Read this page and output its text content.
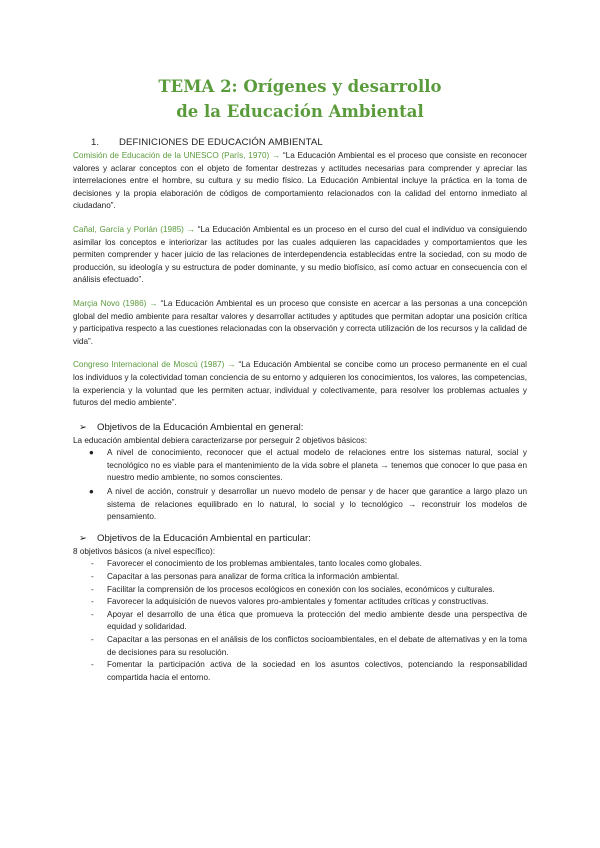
TEMA 2: Orígenes y desarrollo
de la Educación Ambiental
1. DEFINICIONES DE EDUCACIÓN AMBIENTAL

Comisión de Educación de la UNESCO (París, 1970) → “La Educación Ambiental es el proceso que consiste en reconocer valores y aclarar conceptos con el objeto de fomentar destrezas y actitudes necesarias para comprender y apreciar las interrelaciones entre el hombre, su cultura y su medio físico. La Educación Ambiental incluye la práctica en la toma de decisiones y la propia elaboración de códigos de comportamiento relacionados con la calidad del entorno inmediato al ciudadano”.

Cañal, García y Porlán (1985) → “La Educación Ambiental es un proceso en el curso del cual el individuo va consiguiendo asimilar los conceptos e interiorizar las actitudes por las cuales adquieren las capacidades y comportamientos que les permiten comprender y hacer juicio de las relaciones de interdependencia establecidas entre la sociedad, con su modo de producción, su ideología y su estructura de poder dominante, y su medio biofísico, así como actuar en consecuencia con el análisis efectuado”.

Marçia Novo (1986) → “La Educación Ambiental es un proceso que consiste en acercar a las personas a una concepción global del medio ambiente para resaltar valores y desarrollar actitudes y aptitudes que permitan adoptar una posición crítica y participativa respecto a las cuestiones relacionadas con la observación y correcta utilización de los recursos y la calidad de vida”.

Congreso Internacional de Moscú (1987) → “La Educación Ambiental se concibe como un proceso permanente en el cual los individuos y la colectividad toman conciencia de su entorno y adquieren los conocimientos, los valores, las competencias, la experiencia y la voluntad que les permiten actuar, individual y colectivamente, para resolver los problemas actuales y futuros del medio ambiente”.

➢ Objetivos de la Educación Ambiental en general:

La educación ambiental debiera caracterizarse por perseguir 2 objetivos básicos:

● A nivel de conocimiento, reconocer que el actual modelo de relaciones entre los sistemas natural, social y tecnológico no es viable para el mantenimiento de la vida sobre el planeta → tenemos que conocer lo que pasa en nuestro medio ambiente, no somos conscientes.
● A nivel de acción, construir y desarrollar un nuevo modelo de pensar y de hacer que garantice a largo plazo un sistema de relaciones equilibrado en lo natural, lo social y lo tecnológico → reconstruir los modelos de pensamiento.
➢ Objetivos de la Educación Ambiental en particular:

8 objetivos básicos (a nivel específico):

- Favorecer el conocimiento de los problemas ambientales, tanto locales como globales.
- Capacitar a las personas para analizar de forma crítica la información ambiental.
- Facilitar la comprensión de los procesos ecológicos en conexión con los sociales, económicos y culturales.
- Favorecer la adquisición de nuevos valores pro-ambientales y fomentar actitudes críticas y constructivas.
- Apoyar el desarrollo de una ética que promueva la protección del medio ambiente desde una perspectiva de equidad y solidaridad.
- Capacitar a las personas en el análisis de los conflictos socioambientales, en el debate de alternativas y en la toma de decisiones para su resolución.
- Fomentar la participación activa de la sociedad en los asuntos colectivos, potenciando la responsabilidad compartida hacia el entorno.
